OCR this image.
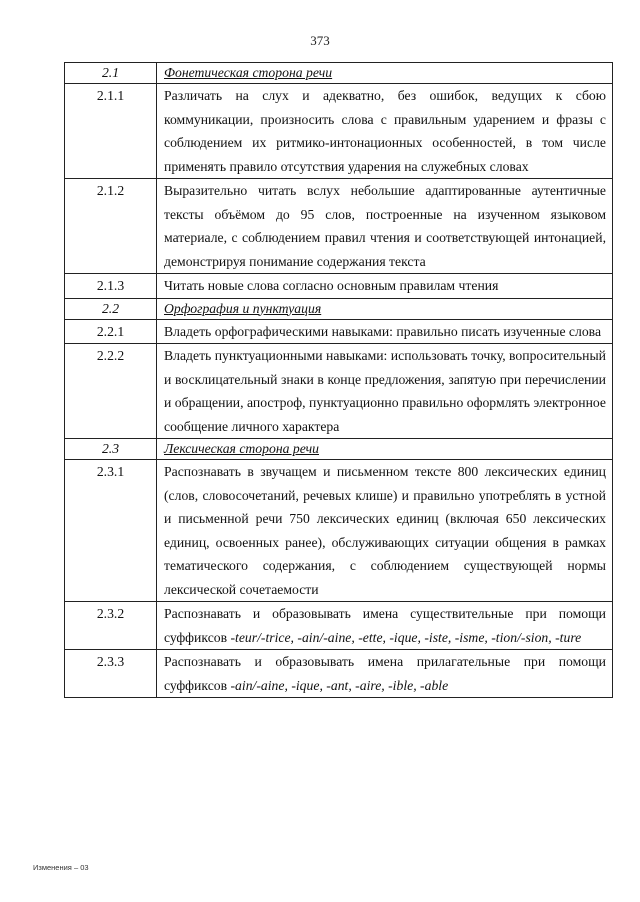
373
2.1	Фонетическая сторона речи
2.1.1	Различать на слух и адекватно, без ошибок, ведущих к сбою коммуникации, произносить слова с правильным ударением и фразы с соблюдением их ритмико-интонационных особенностей, в том числе применять правило отсутствия ударения на служебных словах
2.1.2	Выразительно читать вслух небольшие адаптированные аутентичные тексты объёмом до 95 слов, построенные на изученном языковом материале, с соблюдением правил чтения и соответствующей интонацией, демонстрируя понимание содержания текста
2.1.3	Читать новые слова согласно основным правилам чтения
2.2	Орфография и пунктуация
2.2.1	Владеть орфографическими навыками: правильно писать изученные слова
2.2.2	Владеть пунктуационными навыками: использовать точку, вопросительный и восклицательный знаки в конце предложения, запятую при перечислении и обращении, апостроф, пунктуационно правильно оформлять электронное сообщение личного характера
2.3	Лексическая сторона речи
2.3.1	Распознавать в звучащем и письменном тексте 800 лексических единиц (слов, словосочетаний, речевых клише) и правильно употреблять в устной и письменной речи 750 лексических единиц (включая 650 лексических единиц, освоенных ранее), обслуживающих ситуации общения в рамках тематического содержания, с соблюдением существующей нормы лексической сочетаемости
2.3.2	Распознавать и образовывать имена существительные при помощи суффиксов -teur/-trice, -ain/-aine, -ette, -ique, -iste, -isme, -tion/-sion, -ture
2.3.3	Распознавать и образовывать имена прилагательные при помощи суффиксов -ain/-aine, -ique, -ant, -aire, -ible, -able
Изменения – 03
